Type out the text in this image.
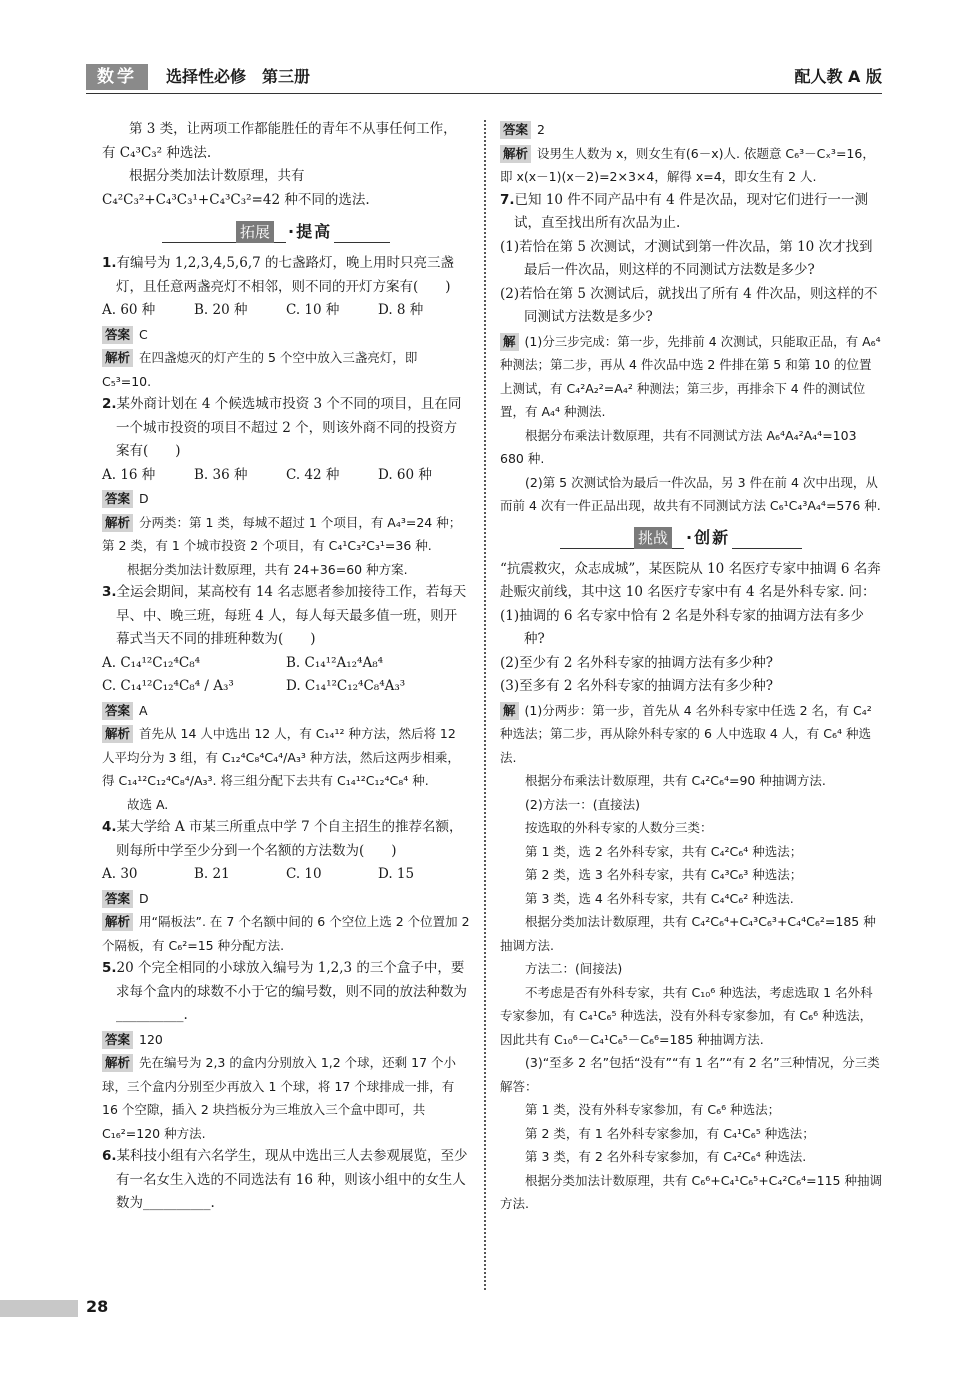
数学	选择性必修　第三册	配人教 A 版

第 3 类，让两项工作都能胜任的青年不从事任何工作，有 C₄³C₃² 种选法.

根据分类加法计数原理，共有 C₄²C₃²+C₄³C₃¹+C₄³C₃²=42 种不同的选法.

拓展 ·提高

1.有编号为 1,2,3,4,5,6,7 的七盏路灯，晚上用时只亮三盏灯，且任意两盏亮灯不相邻，则不同的开灯方案有(　　)

A. 60 种	B. 20 种	C. 10 种	D. 8 种

答案 C

解析 在四盏熄灭的灯产生的 5 个空中放入三盏亮灯，即 C₅³=10.

2.某外商计划在 4 个候选城市投资 3 个不同的项目，且在同一个城市投资的项目不超过 2 个，则该外商不同的投资方案有(　　)

A. 16 种	B. 36 种	C. 42 种	D. 60 种

答案 D

解析 分两类：第 1 类，每城不超过 1 个项目，有 A₄³=24 种；第 2 类，有 1 个城市投资 2 个项目，有 C₄¹C₃²C₃¹=36 种.

根据分类加法计数原理，共有 24+36=60 种方案.

3.全运会期间，某高校有 14 名志愿者参加接待工作，若每天早、中、晚三班，每班 4 人，每人每天最多值一班，则开幕式当天不同的排班种数为(　　)

A. C₁₄¹²C₁₂⁴C₈⁴	B. C₁₄¹²A₁₂⁴A₈⁴
C. C₁₄¹²C₁₂⁴C₈⁴ / A₃³	D. C₁₄¹²C₁₂⁴C₈⁴A₃³

答案 A

解析 首先从 14 人中选出 12 人，有 C₁₄¹² 种方法，然后将 12 人平均分为 3 组，有 C₁₂⁴C₈⁴C₄⁴/A₃³ 种方法，然后这两步相乘，得 C₁₄¹²C₁₂⁴C₈⁴/A₃³. 将三组分配下去共有 C₁₄¹²C₁₂⁴C₈⁴ 种.

故选 A.

4.某大学给 A 市某三所重点中学 7 个自主招生的推荐名额，则每所中学至少分到一个名额的方法数为(　　)

A. 30	B. 21	C. 10	D. 15

答案 D

解析 用“隔板法”. 在 7 个名额中间的 6 个空位上选 2 个位置加 2 个隔板，有 C₆²=15 种分配方法.

5.20 个完全相同的小球放入编号为 1,2,3 的三个盒子中，要求每个盒内的球数不小于它的编号数，则不同的放法种数为__________.

答案 120

解析 先在编号为 2,3 的盒内分别放入 1,2 个球，还剩 17 个小球，三个盒内分别至少再放入 1 个球，将 17 个球排成一排，有 16 个空隙，插入 2 块挡板分为三堆放入三个盒中即可，共 C₁₆²=120 种方法.

6.某科技小组有六名学生，现从中选出三人去参观展览，至少有一名女生入选的不同选法有 16 种，则该小组中的女生人数为__________.

答案 2

解析 设男生人数为 x，则女生有(6－x)人. 依题意 C₆³－Cₓ³=16，即 x(x－1)(x－2)=2×3×4，解得 x=4，即女生有 2 人.

7.已知 10 件不同产品中有 4 件是次品，现对它们进行一一测试，直至找出所有次品为止.

(1)若恰在第 5 次测试，才测试到第一件次品，第 10 次才找到最后一件次品，则这样的不同测试方法数是多少?

(2)若恰在第 5 次测试后，就找出了所有 4 件次品，则这样的不同测试方法数是多少?

解 (1)分三步完成：第一步，先排前 4 次测试，只能取正品，有 A₆⁴ 种测法；第二步，再从 4 件次品中选 2 件排在第 5 和第 10 的位置上测试，有 C₄²A₂²=A₄² 种测法；第三步，再排余下 4 件的测试位置，有 A₄⁴ 种测法.

根据分布乘法计数原理，共有不同测试方法 A₆⁴A₄²A₄⁴=103 680 种.

(2)第 5 次测试恰为最后一件次品，另 3 件在前 4 次中出现，从而前 4 次有一件正品出现，故共有不同测试方法 C₆¹C₄³A₄⁴=576 种.

挑战 ·创新

“抗震救灾，众志成城”，某医院从 10 名医疗专家中抽调 6 名奔赴赈灾前线，其中这 10 名医疗专家中有 4 名是外科专家. 问：

(1)抽调的 6 名专家中恰有 2 名是外科专家的抽调方法有多少种?

(2)至少有 2 名外科专家的抽调方法有多少种?

(3)至多有 2 名外科专家的抽调方法有多少种?

解 (1)分两步：第一步，首先从 4 名外科专家中任选 2 名，有 C₄² 种选法；第二步，再从除外科专家的 6 人中选取 4 人，有 C₆⁴ 种选法.

根据分布乘法计数原理，共有 C₄²C₆⁴=90 种抽调方法.

(2)方法一：(直接法)

按选取的外科专家的人数分三类：

第 1 类，选 2 名外科专家，共有 C₄²C₆⁴ 种选法；

第 2 类，选 3 名外科专家，共有 C₄³C₆³ 种选法；

第 3 类，选 4 名外科专家，共有 C₄⁴C₆² 种选法.

根据分类加法计数原理，共有 C₄²C₆⁴+C₄³C₆³+C₄⁴C₆²=185 种抽调方法.

方法二：(间接法)

不考虑是否有外科专家，共有 C₁₀⁶ 种选法，考虑选取 1 名外科专家参加，有 C₄¹C₆⁵ 种选法，没有外科专家参加，有 C₆⁶ 种选法，因此共有 C₁₀⁶－C₄¹C₆⁵－C₆⁶=185 种抽调方法.

(3)“至多 2 名”包括“没有”“有 1 名”“有 2 名”三种情况，分三类解答：

第 1 类，没有外科专家参加，有 C₆⁶ 种选法；

第 2 类，有 1 名外科专家参加，有 C₄¹C₆⁵ 种选法；

第 3 类，有 2 名外科专家参加，有 C₄²C₆⁴ 种选法.

根据分类加法计数原理，共有 C₆⁶+C₄¹C₆⁵+C₄²C₆⁴=115 种抽调方法.

28
